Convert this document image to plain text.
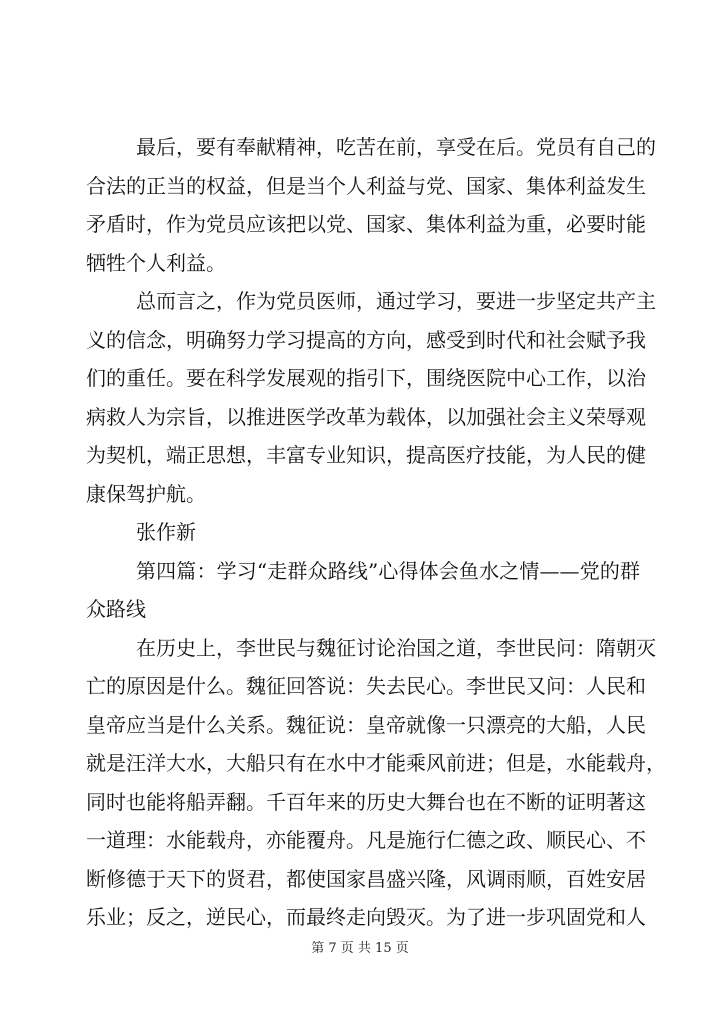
最后，要有奉献精神，吃苦在前，享受在后。党员有自己的
合法的正当的权益，但是当个人利益与党、国家、集体利益发生
矛盾时，作为党员应该把以党、国家、集体利益为重，必要时能
牺牲个人利益。
总而言之，作为党员医师，通过学习，要进一步坚定共产主
义的信念，明确努力学习提高的方向，感受到时代和社会赋予我
们的重任。要在科学发展观的指引下，围绕医院中心工作，以治
病救人为宗旨，以推进医学改革为载体，以加强社会主义荣辱观
为契机，端正思想，丰富专业知识，提高医疗技能，为人民的健
康保驾护航。
张作新
第四篇：学习“走群众路线”心得体会鱼水之情——党的群
众路线
在历史上，李世民与魏征讨论治国之道，李世民问：隋朝灭
亡的原因是什么。魏征回答说：失去民心。李世民又问：人民和
皇帝应当是什么关系。魏征说：皇帝就像一只漂亮的大船，人民
就是汪洋大水，大船只有在水中才能乘风前进；但是，水能载舟，
同时也能将船弄翻。千百年来的历史大舞台也在不断的证明著这
一道理：水能载舟，亦能覆舟。凡是施行仁德之政、顺民心、不
断修德于天下的贤君，都使国家昌盛兴隆，风调雨顺，百姓安居
乐业；反之，逆民心，而最终走向毁灭。为了进一步巩固党和人
第 7 页 共 15 页
